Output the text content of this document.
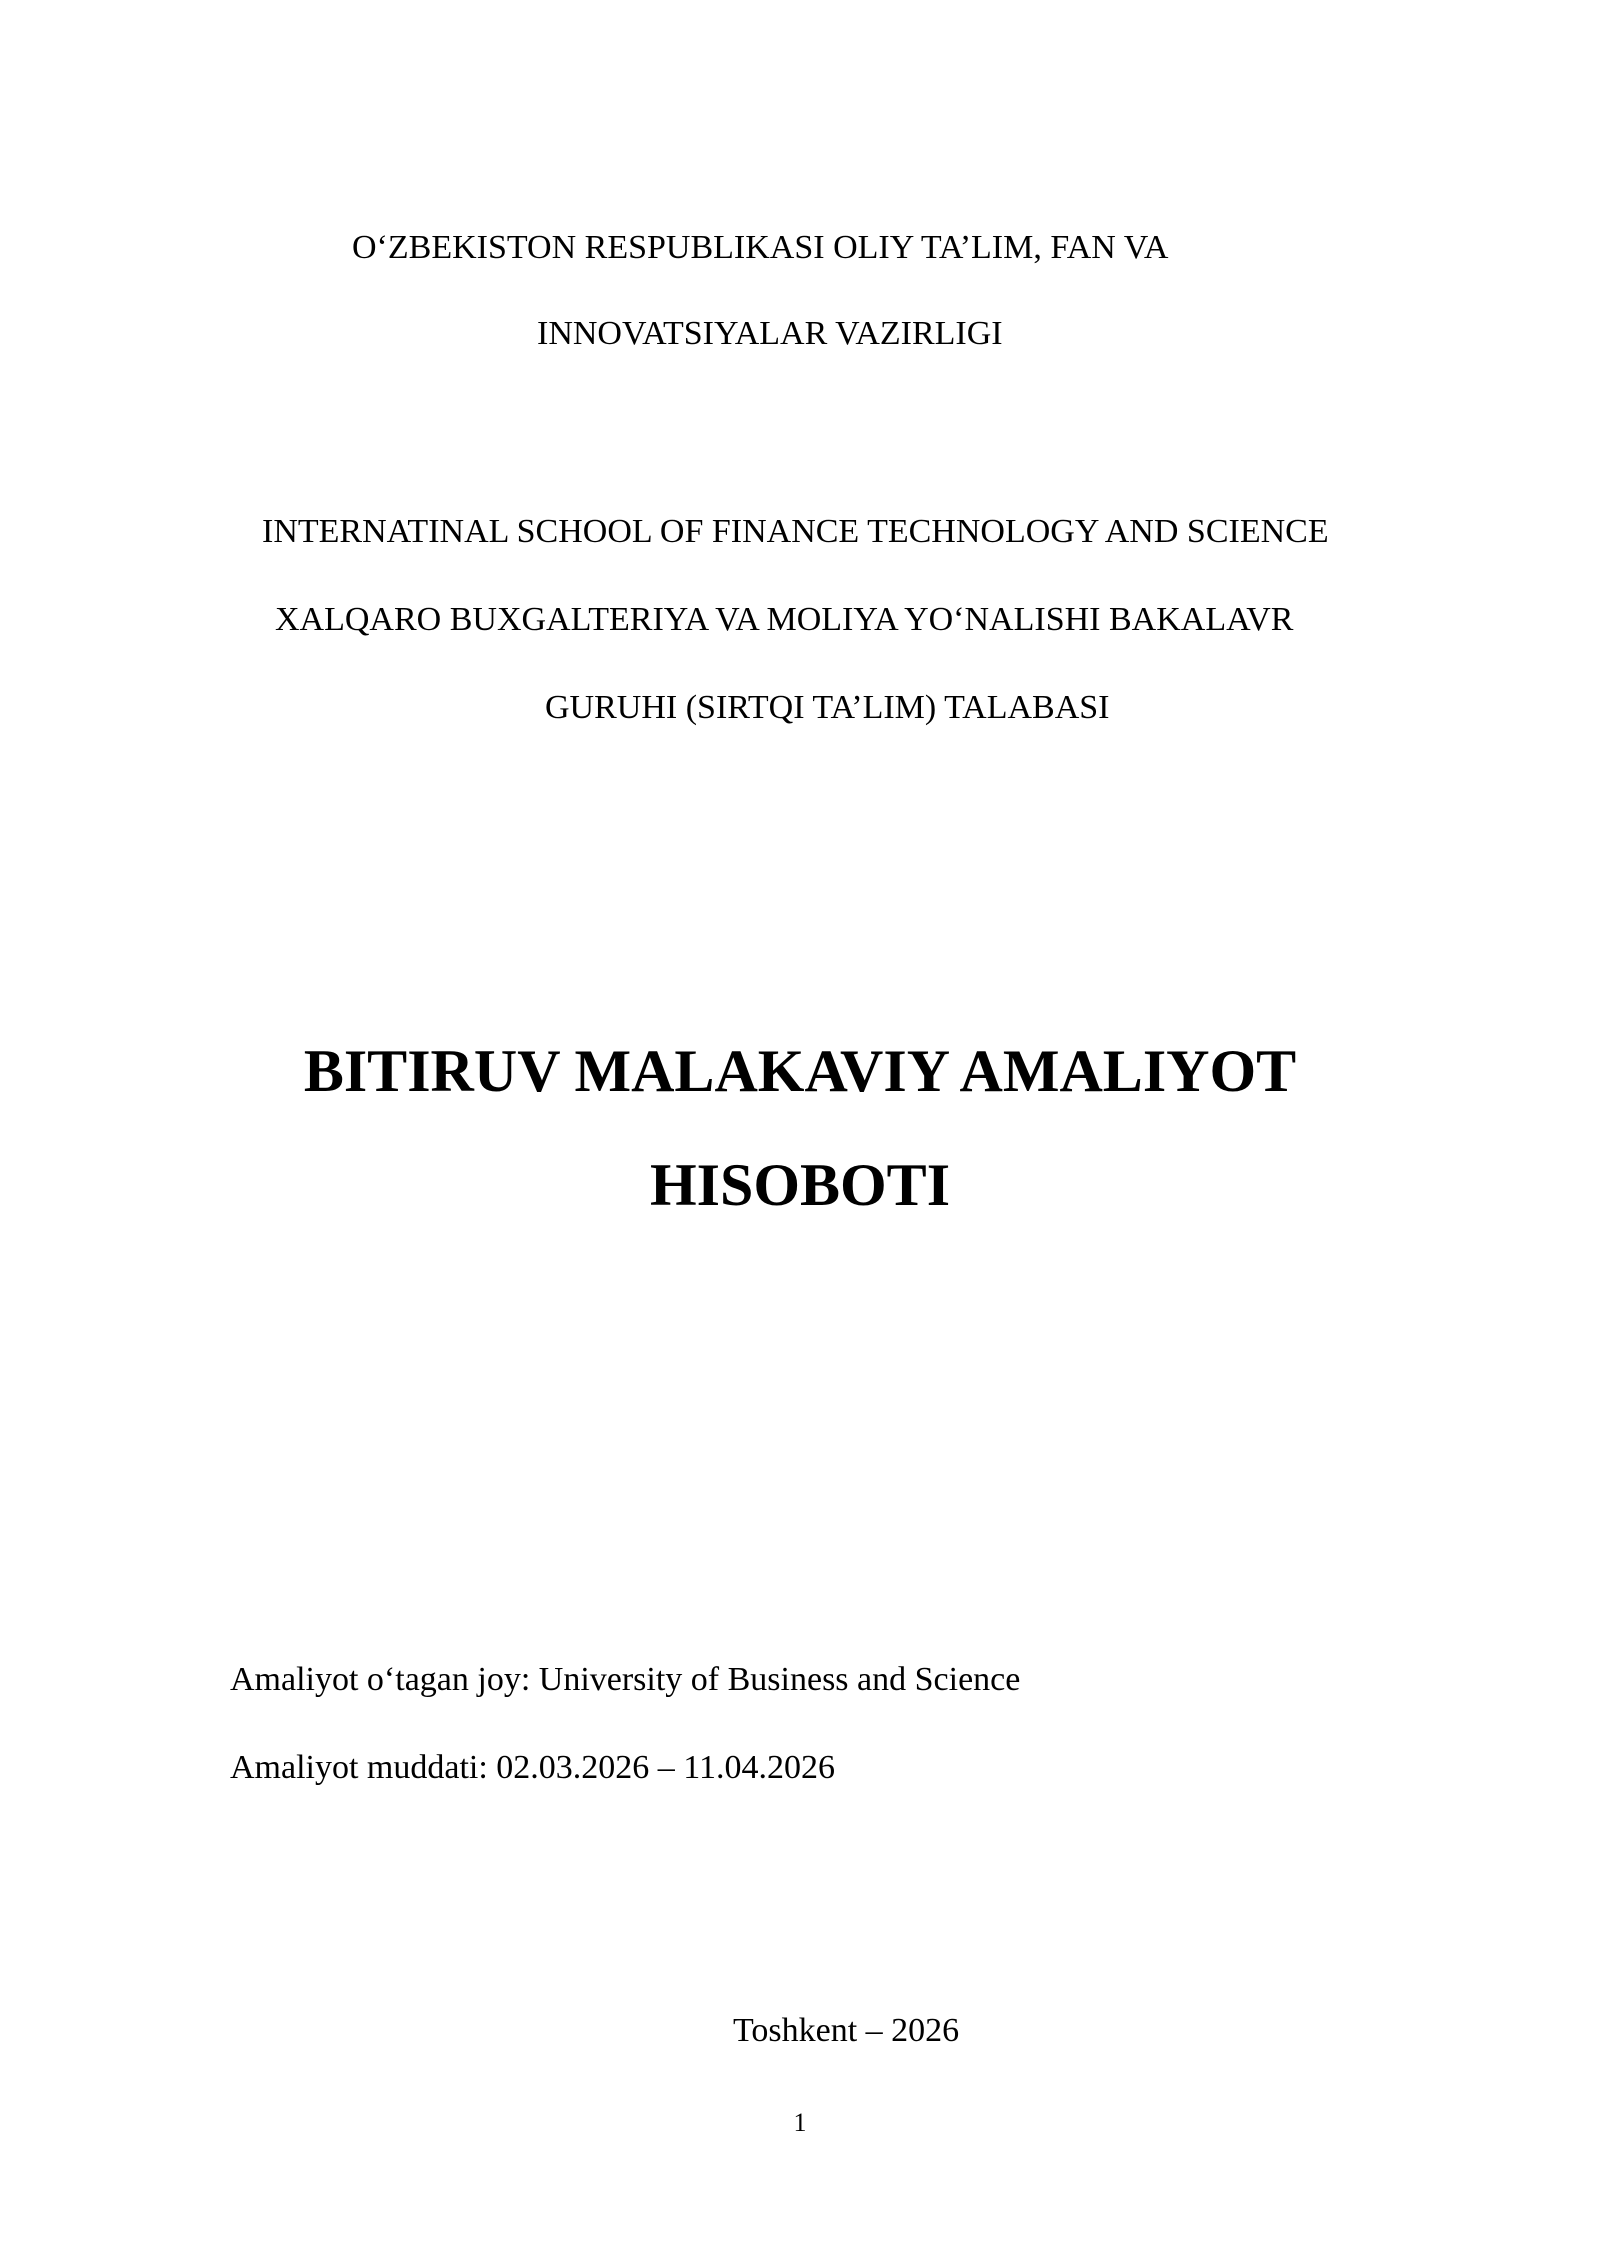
O‘ZBEKISTON RESPUBLIKASI OLIY TA’LIM, FAN VA
INNOVATSIYALAR VAZIRLIGI
INTERNATINAL SCHOOL OF FINANCE TECHNOLOGY AND SCIENCE
XALQARO BUXGALTERIYA VA MOLIYA YO‘NALISHI BAKALAVR
GURUHI (SIRTQI TA’LIM) TALABASI
BITIRUV MALAKAVIY AMALIYOT
HISOBOTI
Amaliyot o‘tagan joy: University of Business and Science
Amaliyot muddati: 02.03.2026 – 11.04.2026
Toshkent – 2026
1
